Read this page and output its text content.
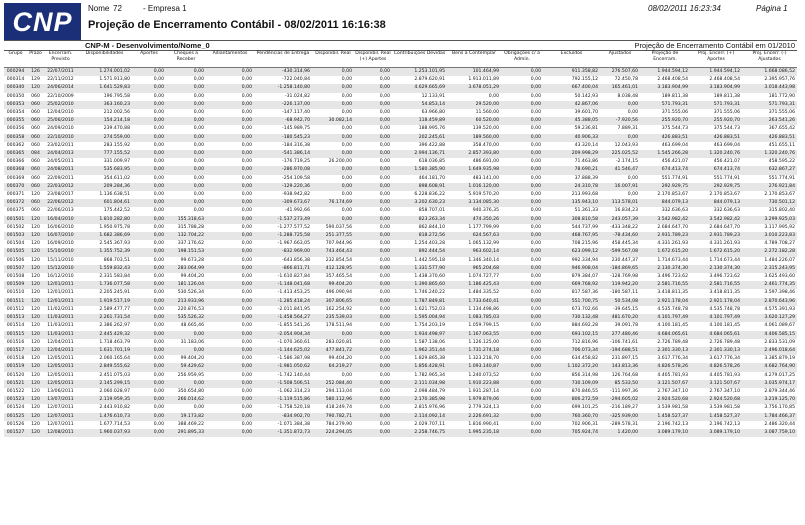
CNP Nome 72	- Empresa 1	08/02/2011 16:23:34	Página 1
Projeção de Encerramento Contábil - 08/02/2011 16:16:38
CNP-M - Desenvolvimento/Nome_0	Projeção de Encerramento Contábil em 01/2010
Grupo	Prazo	Encerram. Previsto	Disponibilidades	Aportes	Cheques a Receber	Adiantamentos	Pendências de Entrega	Disponibil. Real	Disponibil. Real (+) Aportes	Contribuições Devidas	Bens a Contemplar	Obrigações c/ a Admin.	Excluídos	Ajustados	Projeção de Encerram.	Proj. Encerr. (+) Aportes	Proj. Encerr. (-) Ajustados
000294	126	22/07/2011	1.274.001,02	0,00	0,00	0,00	-430.314,96	0,00	0,00	1.253.101,95	101.464,99	0,00	911.358,82	276.507,60	1.944.594,12	1.944.594,12	1.668.086,52
000314	129	22/11/2012	1.571.913,80	0,00	0,00	0,00	-722.040,84	0,00	0,00	2.879.620,91	1.913.011,89	0,00	792.155,12	72.450,78	2.468.408,54	2.468.408,54	2.395.957,76
000340	120	24/06/2014	1.641.529,83	0,00	0,00	0,00	-1.258.140,80	0,00	0,00	4.629.665,69	3.678.051,29	0,00	667.400,04	165.461,01	3.183.904,99	3.183.904,99	3.018.443,98
000350	060	22/10/2009	196.795,58	0,00	0,00	0,00	-31.024,82	0,00	0,00	12.133,91	0,00	0,00	50.142,93	8.038,48	189.811,38	189.811,38	181.772,90
000353	060	25/02/2010	363.160,23	0,00	0,00	0,00	-226.137,00	0,00	0,00	54.853,14	29.520,00	0,00	42.867,06	0,00	571.793,31	571.793,31	571.793,31
000354	060	12/04/2010	212.002,56	0,00	0,00	0,00	-147.117,40	0,00	0,00	63.966,80	11.560,00	0,00	39.601,70	0,00	371.555,06	371.555,06	371.555,06
000355	060	25/06/2010	154.214,18	0,00	0,00	0,00	-68.942,70	30.082,14	0,00	118.459,89	60.520,00	0,00	45.388,05	-7.920,56	255.920,70	255.920,70	263.541,26
000356	060	24/09/2010	239.470,88	0,00	0,00	0,00	-145.989,75	0,00	0,00	188.995,76	139.520,00	0,00	59.236,81	7.889,31	375.544,73	375.544,73	367.655,42
000358	060	22/10/2010	274.559,00	0,00	0,00	0,00	-180.545,23	0,00	0,00	202.245,61	189.560,00	0,00	40.906,33	0,00	426.883,51	426.883,51	426.883,51
000362	060	23/02/2011	283.155,92	0,00	0,00	0,00	-184.316,38	0,00	0,00	396.422,88	358.470,00	0,00	43.320,14	12.043,93	463.699,04	463.699,04	451.655,11
000365	084	24/04/2013	777.155,52	0,00	0,00	0,00	-541.386,14	0,00	0,00	2.994.136,71	2.857.393,80	0,00	209.998,29	225.025,52	1.545.266,28	1.320.240,76	1.320.240,76
000366	060	24/05/2011	331.009,97	0,00	0,00	0,00	-176.719,25	26.200,00	0,00	618.036,85	486.691,00	0,00	71.463,86	-2.174,15	456.421,07	456.421,07	458.595,22
000368	060	24/08/2011	535.683,95	0,00	0,00	0,00	-286.970,08	0,00	0,00	1.580.385,90	1.649.935,98	0,00	78.690,21	41.546,47	674.413,74	674.413,74	632.867,27
000369	060	22/09/2011	354.611,02	0,00	0,00	0,00	-254.109,58	0,00	0,00	464.181,70	483.141,00	0,00	37.888,39	0,00	551.774,91	551.774,91	551.774,91
000370	060	22/03/2012	209.284,36	0,00	0,00	0,00	-129.220,36	0,00	0,00	898.608,91	1.016.120,00	0,00	24.310,78	16.007,91	292.929,75	292.929,75	276.921,84
000371	120	23/08/2017	1.136.638,51	0,00	0,00	0,00	-938.942,82	0,00	0,00	6.228.836,22	5.919.570,20	0,00	213.993,68	0,00	2.170.853,67	2.170.853,67	2.170.853,67
000372	060	22/06/2012	601.804,61	0,00	0,00	0,00	-309.673,67	76.174,69	0,00	3.202.630,23	3.134.085,30	0,00	135.943,10	113.578,01	844.079,13	844.079,13	730.501,12
000375	060	22/06/2013	175.442,52	0,00	0,00	0,00	-41.992,66	0,00	0,00	858.707,01	940.376,35	0,00	51.361,33	16.834,23	332.636,63	332.636,63	315.802,40
001501	120	16/04/2010	1.810.282,80	0,00	155.318,63	0,00	-1.537.273,49	0,00	0,00	823.263,34	474.350,26	0,00	308.810,58	243.057,39	3.542.982,42	3.542.982,42	3.299.925,03
001502	120	16/06/2010	1.950.975,78	0,00	315.788,28	0,00	-1.277.577,52	590.037,56	0,00	862.844,10	1.177.799,99	0,00	544.737,99	-433.348,22	2.684.647,70	2.684.647,70	3.117.995,92
001503	120	16/07/2010	1.682.386,69	0,00	132.704,22	0,00	-1.288.725,58	251.377,55	0,00	818.272,56	624.567,63	0,00	468.767,95	-78.434,60	2.931.789,23	2.931.789,23	3.010.223,83
001504	120	16/09/2010	2.545.367,93	0,00	337.176,62	0,00	-1.967.663,05	707.944,96	0,00	1.254.403,28	1.065.132,99	0,00	708.215,96	458.445,34	4.331.261,93	4.331.261,93	4.789.708,27
001505	120	15/10/2010	1.355.752,39	0,00	198.151,53	0,00	-832.969,00	743.464,43	0,00	892.444,54	963.602,14	0,00	623.099,12	-599.567,08	1.672.615,20	1.672.615,20	2.272.182,28
001506	120	15/11/2010	868.703,51	0,00	99.673,28	0,00	-643.856,38	232.854,54	0,00	1.442.595,18	1.346.340,14	0,00	992.334,94	230.447,37	1.714.673,44	1.714.673,44	1.484.226,07
001507	120	15/12/2010	1.559.832,43	0,00	283.064,99	0,00	-866.811,71	412.128,95	0,00	1.331.577,90	965.204,68	0,00	946.908,04	-184.869,65	2.130.374,30	2.130.374,30	2.315.243,95
001508	120	16/12/2010	2.331.583,84	0,00	99.404,20	0,00	-1.610.827,84	357.465,54	0,00	1.438.370,60	1.074.727,77	0,00	879.384,07	-128.769,98	3.496.723,62	3.496.723,62	3.625.493,60
001509	120	12/01/2011	1.736.077,58	0,00	181.126,04	0,00	-1.148.041,68	99.404,20	0,00	1.390.865,60	1.186.425,43	0,00	669.768,92	119.942,20	2.581.716,55	2.581.716,55	2.461.774,35
001510	120	12/01/2011	2.205.245,91	0,00	530.526,34	0,00	-1.413.453,25	496.090,94	0,00	1.746.240,22	1.484.335,52	0,00	817.587,36	-180.587,11	3.418.811,35	3.418.811,35	3.597.398,46
001511	120	12/01/2011	1.919.517,19	0,00	213.933,96	0,00	-1.285.418,24	307.806,65	0,00	1.787.849,81	1.733.640,41	0,00	551.700,75	50.534,08	2.921.178,04	2.921.178,04	2.870.643,96
001512	120	11/02/2011	2.589.477,77	0,00	220.876,53	0,00	-2.011.841,95	162.254,92	0,00	1.621.752,03	1.134.498,86	0,00	673.702,66	-39.645,15	4.535.748,78	4.535.748,78	4.575.391,93
001513	120	11/03/2011	2.261.731,54	0,00	535.526,32	0,00	-1.458.564,27	235.539,03	0,00	1.595.004,94	1.083.785,03	0,00	730.132,48	481.670,20	4.101.797,49	4.101.797,49	3.620.127,29
001514	120	11/03/2011	2.386.262,97	0,00	48.665,46	0,00	-1.855.541,26	178.511,94	0,00	1.754.203,19	1.059.799,15	0,00	884.692,28	39.091,78	4.100.181,45	4.100.181,45	4.061.089,67
001515	120	11/03/2011	2.445.429,32	0,00	0,00	0,00	-2.054.904,34	0,00	0,00	1.934.498,97	1.167.063,55	0,00	693.102,15	277.480,46	4.684.065,61	4.684.065,61	4.406.585,15
001516	120	12/04/2011	1.718.463,79	0,00	31.183,06	0,00	-1.070.360,61	283.020,81	0,00	1.587.138,06	1.126.125,00	0,00	712.816,96	-106.741,61	2.726.789,48	2.726.789,48	2.833.531,09
001517	120	12/04/2011	1.631.701,19	0,00	0,00	0,00	-1.144.625,02	477.841,72	0,00	1.962.351,44	1.731.274,18	0,00	706.073,34	-194.688,51	2.301.330,13	2.301.330,13	2.496.018,64
001518	120	12/05/2011	2.060.165,64	0,00	99.404,20	0,00	-1.586.387,98	99.404,20	0,00	1.829.865,38	1.323.218,70	0,00	634.458,82	231.897,15	3.617.776,34	3.617.776,34	3.385.879,19
001519	120	12/05/2011	2.849.555,62	0,00	59.429,62	0,00	-1.981.050,62	64.219,27	0,00	1.856.428,91	1.093.140,87	0,00	1.102.372,20	143.813,36	4.826.578,26	4.826.578,26	4.682.764,90
001520	120	12/05/2011	2.451.075,03	0,00	256.959,95	0,00	-1.742.140,44	0,00	0,00	1.782.965,34	1.240.073,52	0,00	856.314,98	126.764,68	4.405.781,93	4.405.781,93	4.279.017,25
001521	120	12/05/2011	2.145.299,15	0,00	0,00	0,00	-1.508.506,51	252.084,40	0,00	2.111.034,98	1.910.223,88	0,00	730.109,09	85.533,50	3.121.507,67	3.121.507,67	3.035.974,17
001522	120	13/06/2011	2.060.028,97	0,00	350.654,80	0,00	-1.062.314,23	294.113,04	0,00	2.098.484,79	1.931.287,14	0,00	870.846,55	-111.997,36	2.767.347,10	2.767.347,10	2.879.344,46
001523	120	13/07/2011	2.119.959,35	0,00	266.014,62	0,00	-1.119.515,86	580.112,96	0,00	2.170.385,98	1.979.879,06	0,00	806.272,59	-294.605,02	2.924.520,68	2.924.520,68	3.219.125,70
001524	120	12/07/2011	2.443.910,82	0,00	0,00	0,00	-1.758.520,18	418.249,74	0,00	2.815.976,96	2.779.324,13	0,00	699.101,25	-216.189,27	3.539.981,58	3.539.981,58	3.756.170,85
001525	120	12/07/2011	1.476.610,73	0,00	19.173,82	0,00	-834.902,70	790.782,71	0,00	2.114.092,14	2.226.691,32	0,00	760.360,70	-325.939,00	1.458.527,37	1.458.527,37	1.784.466,37
001526	120	12/07/2011	1.677.714,53	0,00	388.469,22	0,00	-1.071.384,38	784.279,90	0,00	2.029.707,11	1.816.990,41	0,00	702.906,31	-289.578,31	2.196.742,13	2.196.742,13	2.486.320,44
001527	120	12/08/2011	1.960.037,93	0,00	291.895,33	0,00	-1.351.872,73	224.294,05	0,00	2.258.746,75	1.995.235,18	0,00	705.924,74	1.420,00	3.089.179,10	3.089.179,10	3.087.759,10
